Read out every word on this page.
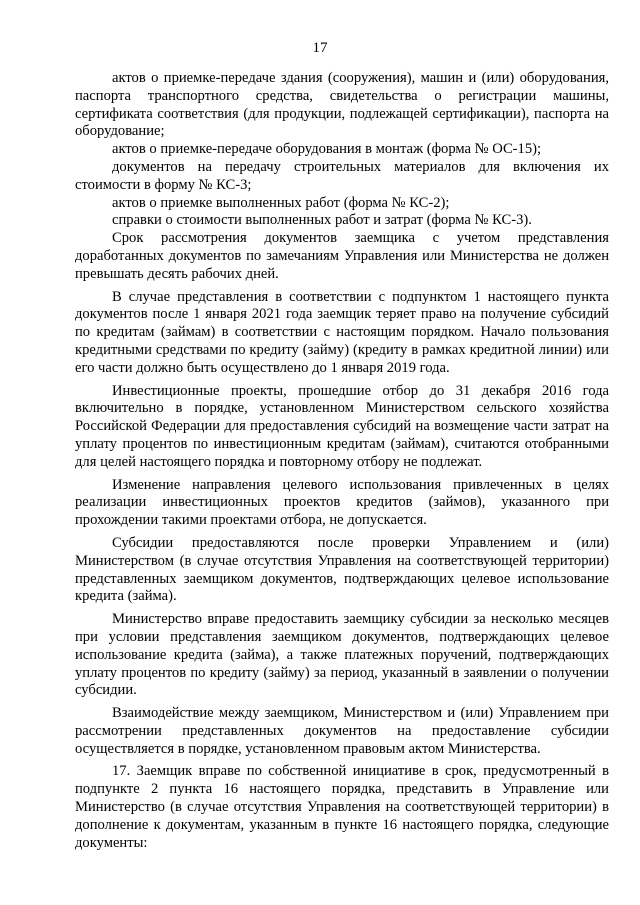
17

актов о приемке-передаче здания (сооружения), машин и (или) оборудования, паспорта транспортного средства, свидетельства о регистрации машины, сертификата соответствия (для продукции, подлежащей сертификации), паспорта на оборудование;

актов о приемке-передаче оборудования в монтаж (форма № ОС-15);

документов на передачу строительных материалов для включения их стоимости в форму № КС-3;

актов о приемке выполненных работ (форма № КС-2);

справки о стоимости выполненных работ и затрат (форма № КС-3).

Срок рассмотрения документов заемщика с учетом представления доработанных документов по замечаниям Управления или Министерства не должен превышать десять рабочих дней.

В случае представления в соответствии с подпунктом 1 настоящего пункта документов после 1 января 2021 года заемщик теряет право на получение субсидий по кредитам (займам) в соответствии с настоящим порядком. Начало пользования кредитными средствами по кредиту (займу) (кредиту в рамках кредитной линии) или его части должно быть осуществлено до 1 января 2019 года.

Инвестиционные проекты, прошедшие отбор до 31 декабря 2016 года включительно в порядке, установленном Министерством сельского хозяйства Российской Федерации для предоставления субсидий на возмещение части затрат на уплату процентов по инвестиционным кредитам (займам), считаются отобранными для целей настоящего порядка и повторному отбору не подлежат.

Изменение направления целевого использования привлеченных в целях реализации инвестиционных проектов кредитов (займов), указанного при прохождении такими проектами отбора, не допускается.

Субсидии предоставляются после проверки Управлением и (или) Министерством (в случае отсутствия Управления на соответствующей территории) представленных заемщиком документов, подтверждающих целевое использование кредита (займа).

Министерство вправе предоставить заемщику субсидии за несколько месяцев при условии представления заемщиком документов, подтверждающих целевое использование кредита (займа), а также платежных поручений, подтверждающих уплату процентов по кредиту (займу) за период, указанный в заявлении о получении субсидии.

Взаимодействие между заемщиком, Министерством и (или) Управлением при рассмотрении представленных документов на предоставление субсидии осуществляется в порядке, установленном правовым актом Министерства.

17. Заемщик вправе по собственной инициативе в срок, предусмотренный в подпункте 2 пункта 16 настоящего порядка, представить в Управление или Министерство (в случае отсутствия Управления на соответствующей территории) в дополнение к документам, указанным в пункте 16 настоящего порядка, следующие документы:
